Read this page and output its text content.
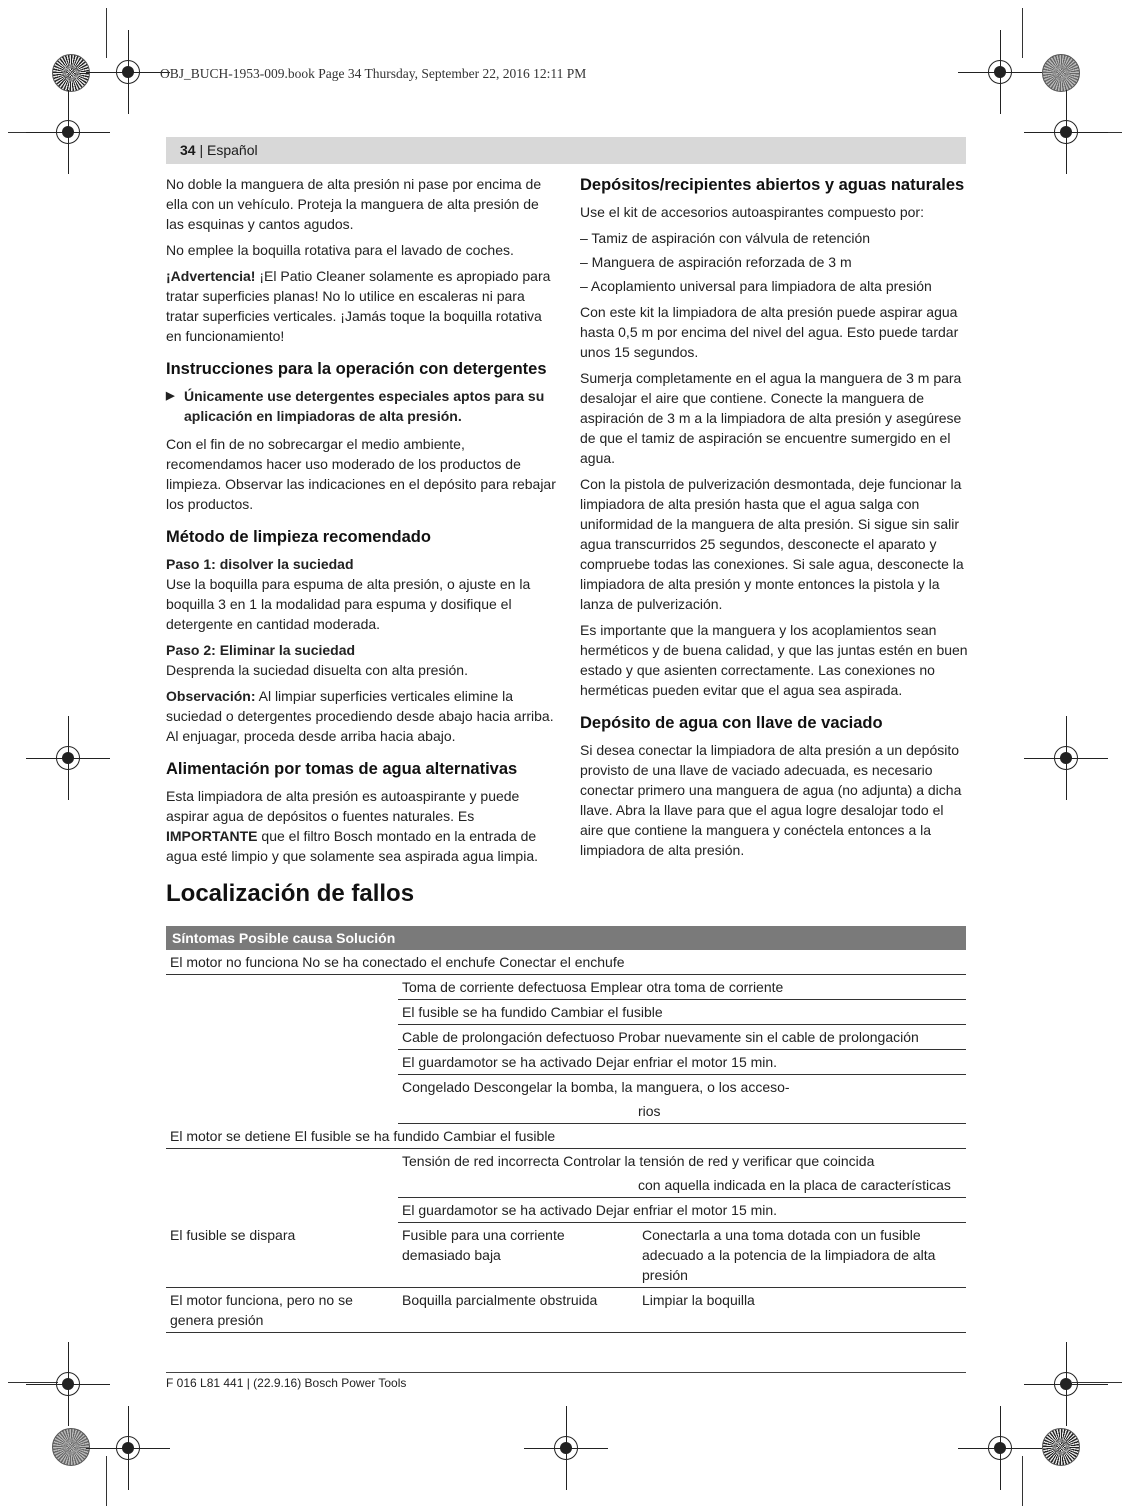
OBJ_BUCH-1953-009.book Page 34 Thursday, September 22, 2016 12:11 PM
34 | Español

No doble la manguera de alta presión ni pase por encima de ella con un vehículo. Proteja la manguera de alta presión de las esquinas y cantos agudos.

No emplee la boquilla rotativa para el lavado de coches.

¡Advertencia! ¡El Patio Cleaner solamente es apropiado para tratar superficies planas! No lo utilice en escaleras ni para tratar superficies verticales. ¡Jamás toque la boquilla rotativa en funcionamiento!

Instrucciones para la operación con detergentes
▶ Únicamente use detergentes especiales aptos para su aplicación en limpiadoras de alta presión.

Con el fin de no sobrecargar el medio ambiente, recomendamos hacer uso moderado de los productos de limpieza. Observar las indicaciones en el depósito para rebajar los productos.

Método de limpieza recomendado
Paso 1: disolver la suciedad

Use la boquilla para espuma de alta presión, o ajuste en la boquilla 3 en 1 la modalidad para espuma y dosifique el detergente en cantidad moderada.

Paso 2: Eliminar la suciedad

Desprenda la suciedad disuelta con alta presión.

Observación: Al limpiar superficies verticales elimine la suciedad o detergentes procediendo desde abajo hacia arriba. Al enjuagar, proceda desde arriba hacia abajo.

Alimentación por tomas de agua alternativas

Esta limpiadora de alta presión es autoaspirante y puede aspirar agua de depósitos o fuentes naturales. Es IMPORTANTE que el filtro Bosch montado en la entrada de agua esté limpio y que solamente sea aspirada agua limpia.

Depósitos/recipientes abiertos y aguas naturales

Use el kit de accesorios autoaspirantes compuesto por:

– Tamiz de aspiración con válvula de retención
– Manguera de aspiración reforzada de 3 m
– Acoplamiento universal para limpiadora de alta presión

Con este kit la limpiadora de alta presión puede aspirar agua hasta 0,5 m por encima del nivel del agua. Esto puede tardar unos 15 segundos.

Sumerja completamente en el agua la manguera de 3 m para desalojar el aire que contiene. Conecte la manguera de aspiración de 3 m a la limpiadora de alta presión y asegúrese de que el tamiz de aspiración se encuentre sumergido en el agua.

Con la pistola de pulverización desmontada, deje funcionar la limpiadora de alta presión hasta que el agua salga con uniformidad de la manguera de alta presión. Si sigue sin salir agua transcurridos 25 segundos, desconecte el aparato y compruebe todas las conexiones. Si sale agua, desconecte la limpiadora de alta presión y monte entonces la pistola y la lanza de pulverización.

Es importante que la manguera y los acoplamientos sean herméticos y de buena calidad, y que las juntas estén en buen estado y que asienten correctamente. Las conexiones no herméticas pueden evitar que el agua sea aspirada.

Depósito de agua con llave de vaciado

Si desea conectar la limpiadora de alta presión a un depósito provisto de una llave de vaciado adecuada, es necesario conectar primero una manguera de agua (no adjunta) a dicha llave. Abra la llave para que el agua logre desalojar todo el aire que contiene la manguera y conéctela entonces a la limpiadora de alta presión.

Localización de fallos
Síntomas Posible causa Solución
El motor no funciona No se ha conectado el enchufe Conectar el enchufe
Toma de corriente defectuosa Emplear otra toma de corriente
El fusible se ha fundido Cambiar el fusible
Cable de prolongación defectuoso Probar nuevamente sin el cable de prolongación
El guardamotor se ha activado Dejar enfriar el motor 15 min.
Congelado Descongelar la bomba, la manguera, o los acceso-
rios
El motor se detiene El fusible se ha fundido Cambiar el fusible
Tensión de red incorrecta Controlar la tensión de red y verificar que coincida
con aquella indicada en la placa de características
El guardamotor se ha activado Dejar enfriar el motor 15 min.
El fusible se dispara	Fusible para una corriente demasiado baja
Conectarla a una toma dotada con un fusible adecuado a la potencia de la limpiadora de alta presión
El motor funciona, pero no se genera presión
Boquilla parcialmente obstruida	Limpiar la boquilla
F 016 L81 441 | (22.9.16) Bosch Power Tools
